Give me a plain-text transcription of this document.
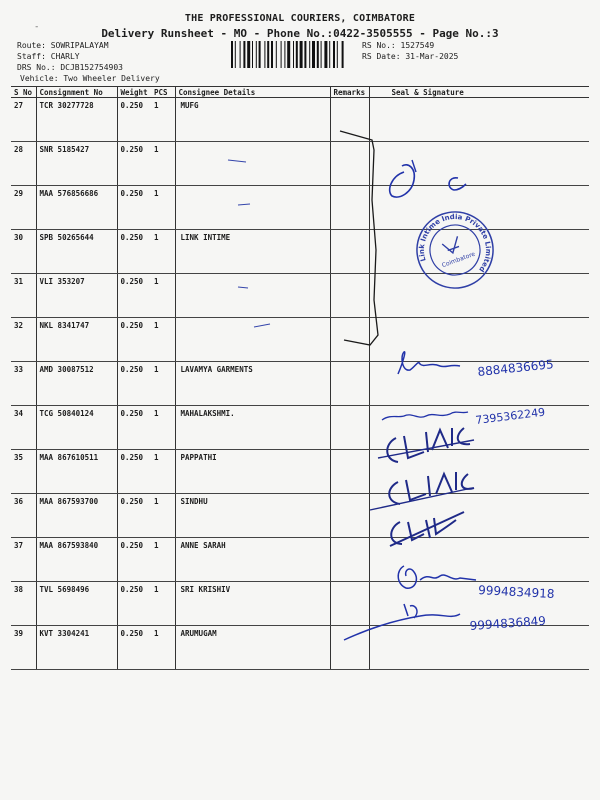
-
THE PROFESSIONAL COURIERS, COIMBATORE
Delivery Runsheet - MO - Phone No.:0422-3505555 - Page No.:3
Route: SOWRIPALAYAM
Staff: CHARLY
DRS No.: DCJB152754903
Vehicle: Two Wheeler Delivery
RS No.: 1527549
RS Date: 31-Mar-2025
S No	Consignment No	Weight	PCS	Consignee Details	Remarks	Seal & Signature
27	TCR 30277728	0.250	1	MUFG		
28	SNR 5185427	0.250	1			
29	MAA 576856686	0.250	1			
30	SPB 50265644	0.250	1	LINK INTIME		
31	VLI 353207	0.250	1			
32	NKL 8341747	0.250	1			
33	AMD 30087512	0.250	1	LAVAMYA GARMENTS		
34	TCG 50840124	0.250	1	MAHALAKSHMI.		
35	MAA 867610511	0.250	1	PAPPATHI		
36	MAA 867593700	0.250	1	SINDHU		
37	MAA 867593840	0.250	1	ANNE SARAH		
38	TVL 5698496	0.250	1	SRI KRISHIV		
39	KVT 3304241	0.250	1	ARUMUGAM		
Link Intime India Private Limited
Coimbatore
8884836695
7395362249
9994834918
9994836849
